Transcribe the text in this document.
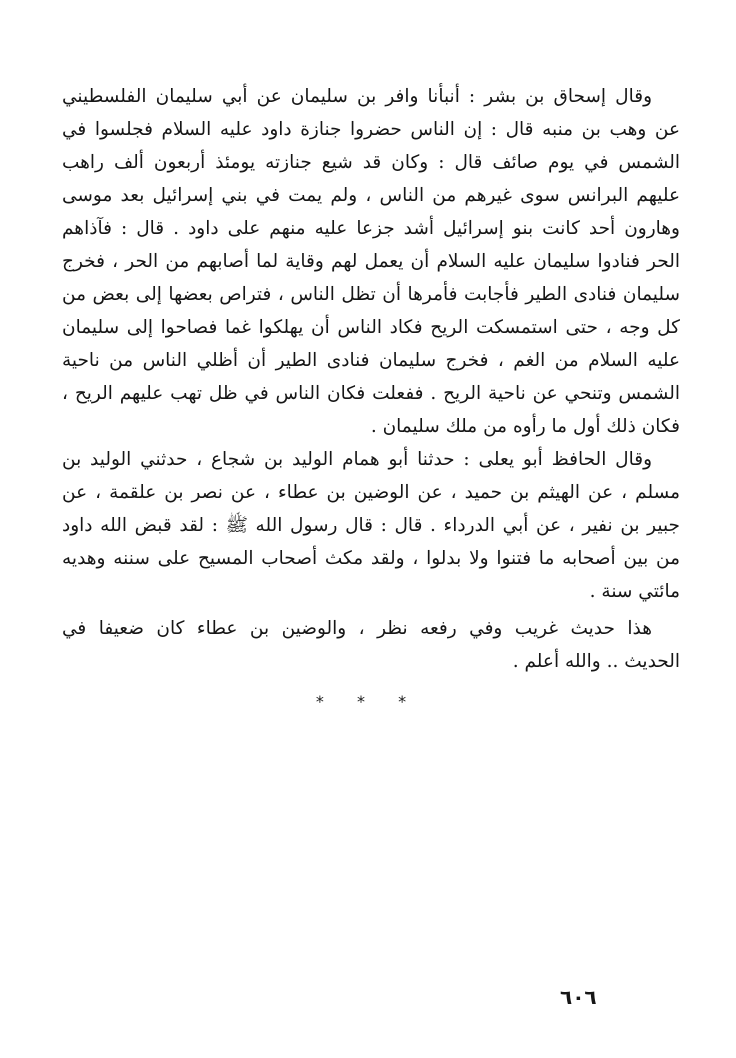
وقال إسحاق بن بشر : أنبأنا وافر بن سليمان عن أبي سليمان الفلسطيني
عن وهب بن منبه قال : إن الناس حضروا جنازة داود عليه السلام فجلسوا في
الشمس في يوم صائف قال : وكان قد شيع جنازته يومئذ أربعون ألف راهب
عليهم البرانس سوى غيرهم من الناس ، ولم يمت في بني إسرائيل بعد موسى
وهارون أحد كانت بنو إسرائيل أشد جزعا عليه منهم على داود . قال : فآذاهم
الحر فنادوا سليمان عليه السلام أن يعمل لهم وقاية لما أصابهم من الحر ، فخرج
سليمان فنادى الطير فأجابت فأمرها أن تظل الناس ، فتراص بعضها إلى بعض من
كل وجه ، حتى استمسكت الريح فكاد الناس أن يهلكوا غما فصاحوا إلى سليمان
عليه السلام من الغم ، فخرج سليمان فنادى الطير أن أظلي الناس من ناحية
الشمس وتنحي عن ناحية الريح . ففعلت فكان الناس في ظل تهب عليهم الريح ،
فكان ذلك أول ما رأوه من ملك سليمان .
وقال الحافظ أبو يعلى : حدثنا أبو همام الوليد بن شجاع ، حدثني الوليد بن
مسلم ، عن الهيثم بن حميد ، عن الوضين بن عطاء ، عن نصر بن علقمة ، عن
جبير بن نفير ، عن أبي الدرداء . قال : قال رسول الله ﷺ : لقد قبض الله داود
من بين أصحابه ما فتنوا ولا بدلوا ، ولقد مكث أصحاب المسيح على سننه وهديه
مائتي سنة .
هذا حديث غريب وفي رفعه نظر ، والوضين بن عطاء كان ضعيفا في
الحديث .. والله أعلم .
* * *
٦٠٦
